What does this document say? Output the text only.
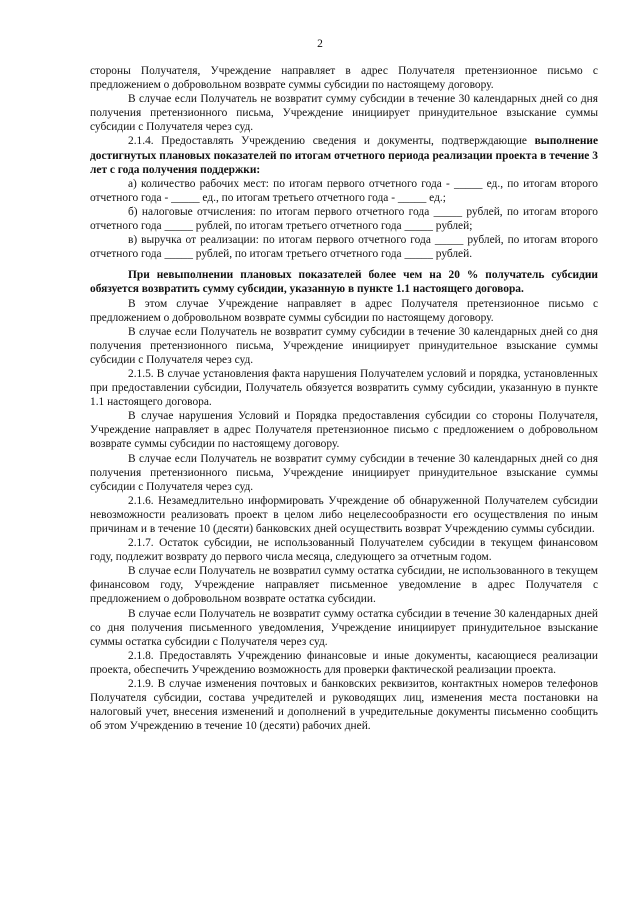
2

стороны Получателя, Учреждение направляет в адрес Получателя претензионное письмо с предложением о добровольном возврате суммы субсидии по настоящему договору.

В случае если Получатель не возвратит сумму субсидии в течение 30 календарных дней со дня получения претензионного письма, Учреждение инициирует принудительное взыскание суммы субсидии с Получателя через суд.

2.1.4. Предоставлять Учреждению сведения и документы, подтверждающие выполнение достигнутых плановых показателей по итогам отчетного периода реализации проекта в течение 3 лет с года получения поддержки:

а) количество рабочих мест: по итогам первого отчетного года - _____ ед., по итогам второго отчетного года - _____ ед., по итогам третьего отчетного года - _____ ед.;

б) налоговые отчисления: по итогам первого отчетного года _____ рублей, по итогам второго отчетного года _____ рублей, по итогам третьего отчетного года _____ рублей;

в) выручка от реализации: по итогам первого отчетного года _____ рублей, по итогам второго отчетного года _____ рублей, по итогам третьего отчетного года _____ рублей.

При невыполнении плановых показателей более чем на 20 % получатель субсидии обязуется возвратить сумму субсидии, указанную в пункте 1.1 настоящего договора.

В этом случае Учреждение направляет в адрес Получателя претензионное письмо с предложением о добровольном возврате суммы субсидии по настоящему договору.

В случае если Получатель не возвратит сумму субсидии в течение 30 календарных дней со дня получения претензионного письма, Учреждение инициирует принудительное взыскание суммы субсидии с Получателя через суд.

2.1.5. В случае установления факта нарушения Получателем условий и порядка, установленных при предоставлении субсидии, Получатель обязуется возвратить сумму субсидии, указанную в пункте 1.1 настоящего договора.

В случае нарушения Условий и Порядка предоставления субсидии со стороны Получателя, Учреждение направляет в адрес Получателя претензионное письмо с предложением о добровольном возврате суммы субсидии по настоящему договору.

В случае если Получатель не возвратит сумму субсидии в течение 30 календарных дней со дня получения претензионного письма, Учреждение инициирует принудительное взыскание суммы субсидии с Получателя через суд.

2.1.6. Незамедлительно информировать Учреждение об обнаруженной Получателем субсидии невозможности реализовать проект в целом либо нецелесообразности его осуществления по иным причинам и в течение 10 (десяти) банковских дней осуществить возврат Учреждению суммы субсидии.

2.1.7. Остаток субсидии, не использованный Получателем субсидии в текущем финансовом году, подлежит возврату до первого числа месяца, следующего за отчетным годом.

В случае если Получатель не возвратил сумму остатка субсидии, не использованного в текущем финансовом году, Учреждение направляет письменное уведомление в адрес Получателя с предложением о добровольном возврате остатка субсидии.

В случае если Получатель не возвратит сумму остатка субсидии в течение 30 календарных дней со дня получения письменного уведомления, Учреждение инициирует принудительное взыскание суммы остатка субсидии с Получателя через суд.

2.1.8. Предоставлять Учреждению финансовые и иные документы, касающиеся реализации проекта, обеспечить Учреждению возможность для проверки фактической реализации проекта.

2.1.9. В случае изменения почтовых и банковских реквизитов, контактных номеров телефонов Получателя субсидии, состава учредителей и руководящих лиц, изменения места постановки на налоговый учет, внесения изменений и дополнений в учредительные документы письменно сообщить об этом Учреждению в течение 10 (десяти) рабочих дней.
